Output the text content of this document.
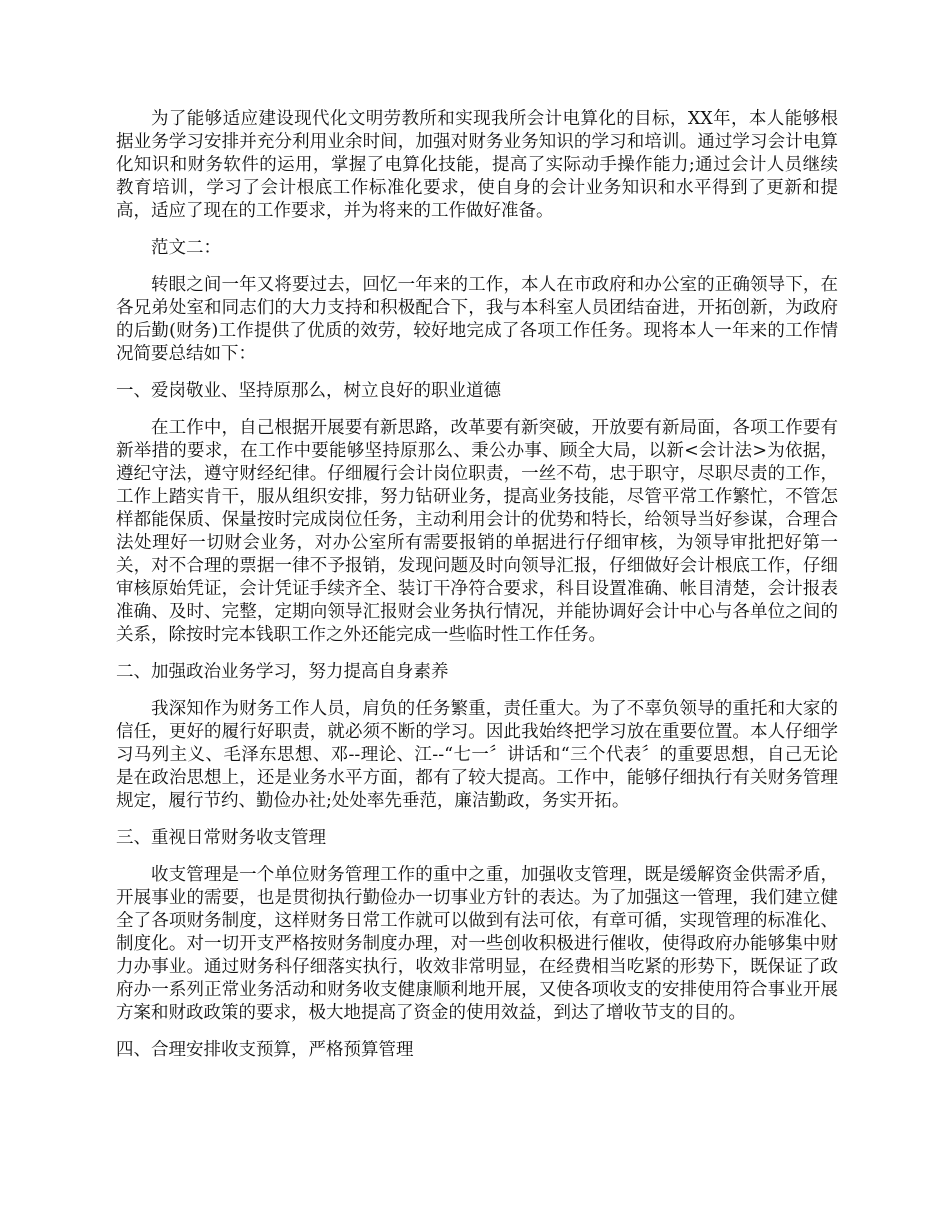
为了能够适应建设现代化文明劳教所和实现我所会计电算化的目标，XX年，本人能够根据业务学习安排并充分利用业余时间，加强对财务业务知识的学习和培训。通过学习会计电算化知识和财务软件的运用，掌握了电算化技能，提高了实际动手操作能力;通过会计人员继续教育培训，学习了会计根底工作标准化要求，使自身的会计业务知识和水平得到了更新和提高，适应了现在的工作要求，并为将来的工作做好准备。

范文二：

转眼之间一年又将要过去，回忆一年来的工作，本人在市政府和办公室的正确领导下，在各兄弟处室和同志们的大力支持和积极配合下，我与本科室人员团结奋进，开拓创新，为政府的后勤(财务)工作提供了优质的效劳，较好地完成了各项工作任务。现将本人一年来的工作情况简要总结如下：

一、爱岗敬业、坚持原那么，树立良好的职业道德

在工作中，自己根据开展要有新思路，改革要有新突破，开放要有新局面，各项工作要有新举措的要求，在工作中要能够坚持原那么、秉公办事、顾全大局，以新<会计法>为依据，遵纪守法，遵守财经纪律。仔细履行会计岗位职责，一丝不苟，忠于职守，尽职尽责的工作，工作上踏实肯干，服从组织安排，努力钻研业务，提高业务技能，尽管平常工作繁忙，不管怎样都能保质、保量按时完成岗位任务，主动利用会计的优势和特长，给领导当好参谋，合理合法处理好一切财会业务，对办公室所有需要报销的单据进行仔细审核，为领导审批把好第一关，对不合理的票据一律不予报销，发现问题及时向领导汇报，仔细做好会计根底工作，仔细审核原始凭证，会计凭证手续齐全、装订干净符合要求，科目设置准确、帐目清楚，会计报表准确、及时、完整，定期向领导汇报财会业务执行情况，并能协调好会计中心与各单位之间的关系，除按时完本钱职工作之外还能完成一些临时性工作任务。

二、加强政治业务学习，努力提高自身素养

我深知作为财务工作人员，肩负的任务繁重，责任重大。为了不辜负领导的重托和大家的信任，更好的履行好职责，就必须不断的学习。因此我始终把学习放在重要位置。本人仔细学习马列主义、毛泽东思想、邓--理论、江--“七一〞讲话和“三个代表〞的重要思想，自己无论是在政治思想上，还是业务水平方面，都有了较大提高。工作中，能够仔细执行有关财务管理规定，履行节约、勤俭办社;处处率先垂范，廉洁勤政，务实开拓。

三、重视日常财务收支管理

收支管理是一个单位财务管理工作的重中之重，加强收支管理，既是缓解资金供需矛盾，开展事业的需要，也是贯彻执行勤俭办一切事业方针的表达。为了加强这一管理，我们建立健全了各项财务制度，这样财务日常工作就可以做到有法可依，有章可循，实现管理的标准化、制度化。对一切开支严格按财务制度办理，对一些创收积极进行催收，使得政府办能够集中财力办事业。通过财务科仔细落实执行，收效非常明显，在经费相当吃紧的形势下，既保证了政府办一系列正常业务活动和财务收支健康顺利地开展，又使各项收支的安排使用符合事业开展方案和财政政策的要求，极大地提高了资金的使用效益，到达了增收节支的目的。

四、合理安排收支预算，严格预算管理
